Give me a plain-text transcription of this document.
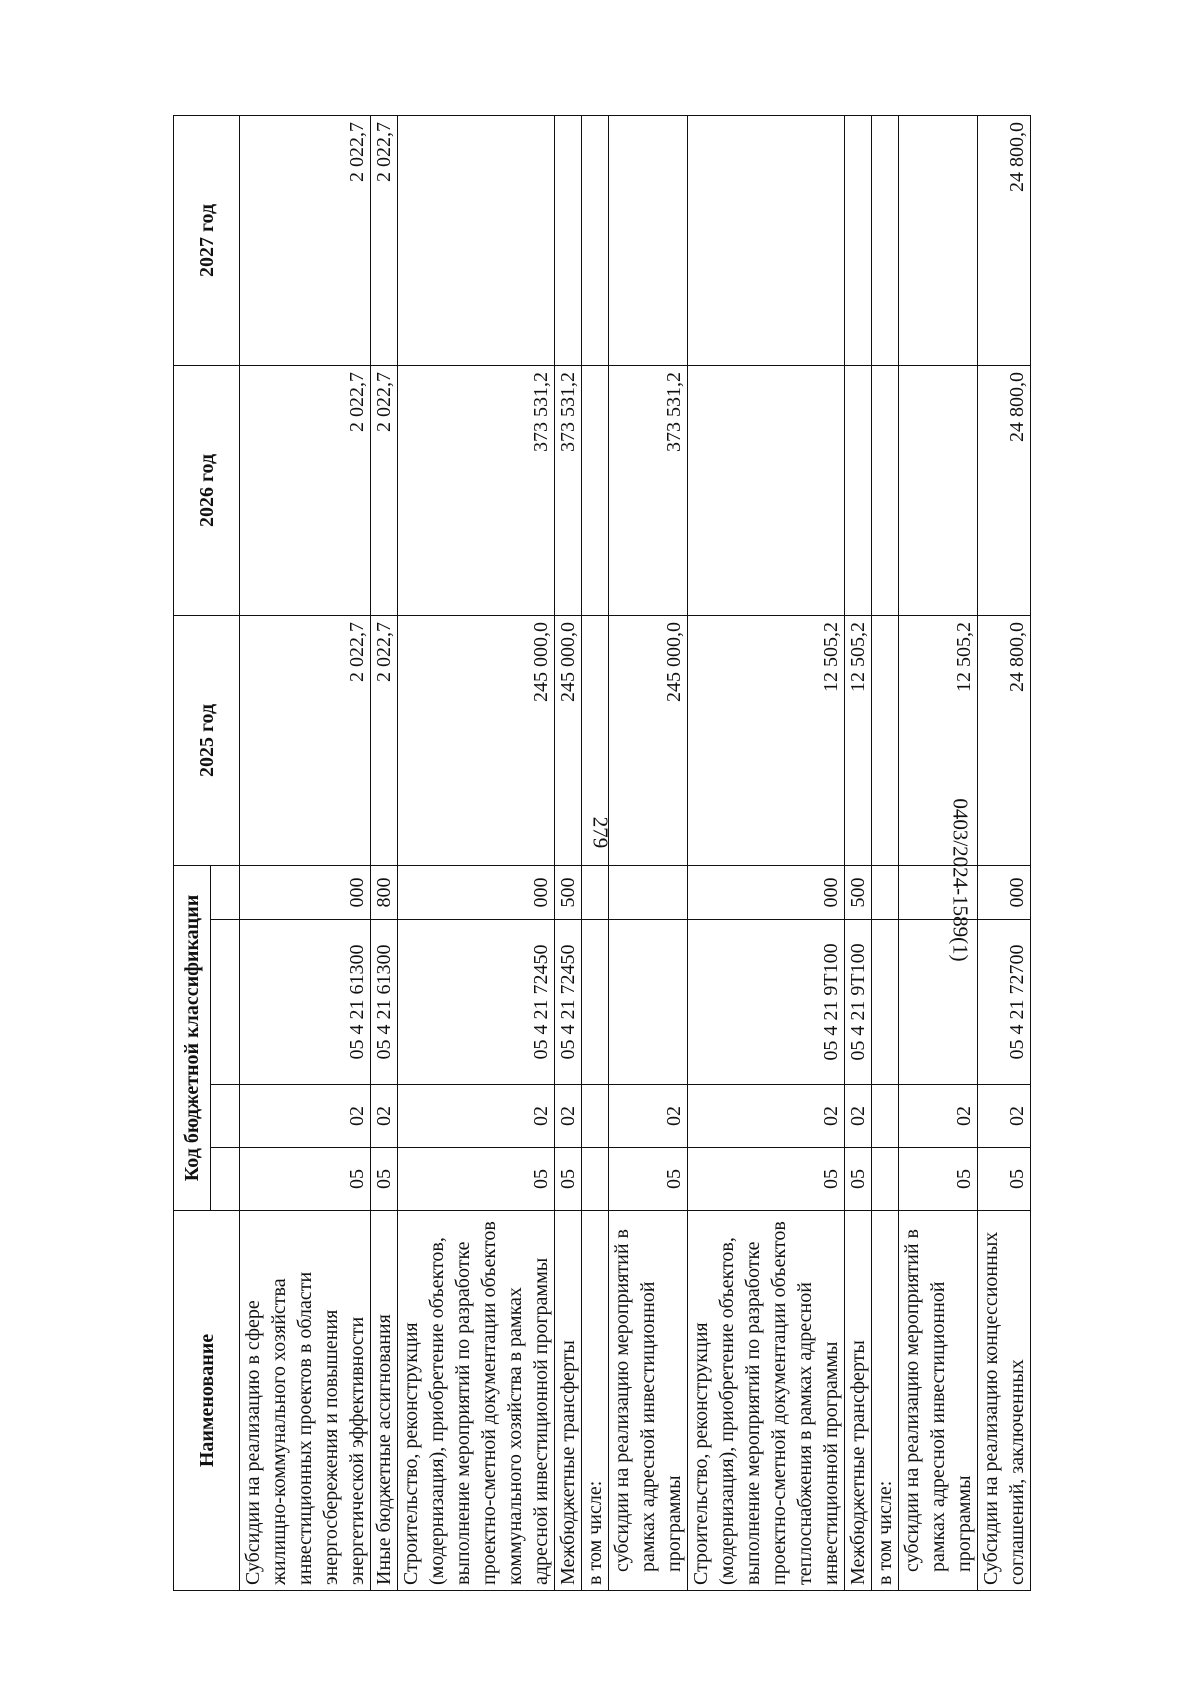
279
Наименование	Код бюджетной классификации				2025 год	2026 год	2027 год

Субсидии на реализацию в сфере жилищно-коммунального хозяйства инвестиционных проектов в области энергосбережения и повышения энергетической эффективности	05	02	05 4 21 61300	000	2 022,7	2 022,7	2 022,7
Иные бюджетные ассигнования	05	02	05 4 21 61300	800	2 022,7	2 022,7	2 022,7
Строительство, реконструкция (модернизация), приобретение объектов, выполнение мероприятий по разработке проектно-сметной документации объектов коммунального хозяйства в рамках адресной инвестиционной программы	05	02	05 4 21 72450	000	245 000,0	373 531,2	
Межбюджетные трансферты	05	02	05 4 21 72450	500	245 000,0	373 531,2	
в том числе:							
субсидии на реализацию мероприятий в рамках адресной инвестиционной программы	05	02			245 000,0	373 531,2	
Строительство, реконструкция (модернизация), приобретение объектов, выполнение мероприятий по разработке проектно-сметной документации объектов теплоснабжения в рамках адресной инвестиционной программы	05	02	05 4 21 9Т100	000	12 505,2		
Межбюджетные трансферты	05	02	05 4 21 9Т100	500	12 505,2		
в том числе:							
субсидии на реализацию мероприятий в рамках адресной инвестиционной программы	05	02			12 505,2		
Субсидии на реализацию концессионных соглашений, заключенных	05	02	05 4 21 72700	000	24 800,0	24 800,0	24 800,0
0403/2024-1589(1)
